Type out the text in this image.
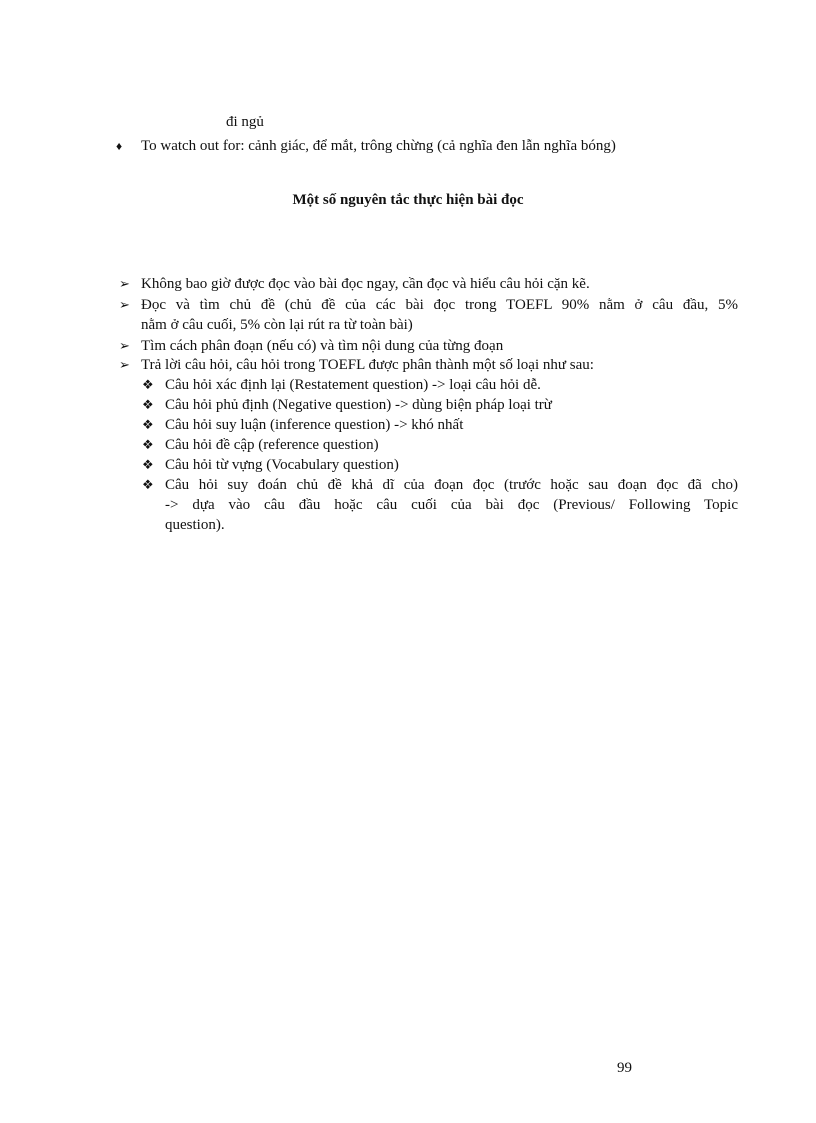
đi ngủ
♦ To watch out for: cảnh giác, để mắt, trông chừng (cả nghĩa đen lẫn nghĩa bóng)
Một số nguyên tắc thực hiện bài đọc
➢ Không bao giờ được đọc vào bài đọc ngay, cần đọc và hiểu câu hỏi cặn kẽ.
➢ Đọc và tìm chủ đề (chủ đề của các bài đọc trong TOEFL 90% nằm ở câu đầu, 5%
nằm ở câu cuối, 5% còn lại rút ra từ toàn bài)
➢ Tìm cách phân đoạn (nếu có) và tìm nội dung của từng đoạn
➢ Trả lời câu hỏi, câu hỏi trong TOEFL được phân thành một số loại như sau:
❖ Câu hỏi xác định lại (Restatement question) -> loại câu hỏi dễ.
❖ Câu hỏi phủ định (Negative question) -> dùng biện pháp loại trừ
❖ Câu hỏi suy luận (inference question) -> khó nhất
❖ Câu hỏi đề cập (reference question)
❖ Câu hỏi từ vựng (Vocabulary question)
❖ Câu hỏi suy đoán chủ đề khả dĩ của đoạn đọc (trước hoặc sau đoạn đọc đã cho)
-> dựa vào câu đầu hoặc câu cuối của bài đọc (Previous/ Following Topic
question).
99
